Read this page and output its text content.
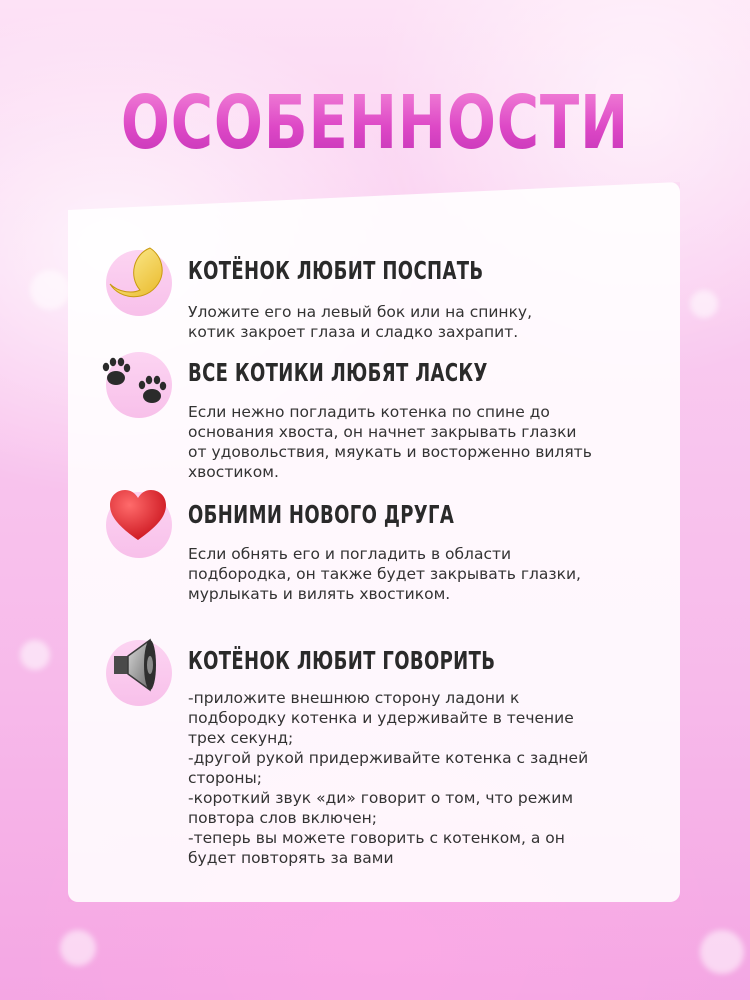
ОСОБЕННОСТИ
КОТЁНОК ЛЮБИТ ПОСПАТЬ
Уложите его на левый бок или на спинку,
котик закроет глаза и сладко захрапит.
ВСЕ КОТИКИ ЛЮБЯТ ЛАСКУ
Если нежно погладить котенка по спине до
основания хвоста, он начнет закрывать глазки
от удовольствия, мяукать и восторженно вилять
хвостиком.
ОБНИМИ НОВОГО ДРУГА
Если обнять его и погладить в области
подбородка, он также будет закрывать глазки,
мурлыкать и вилять хвостиком.
КОТЁНОК ЛЮБИТ ГОВОРИТЬ
-приложите внешнюю сторону ладони к
подбородку котенка и удерживайте в течение
трех секунд;
-другой рукой придерживайте котенка с задней
стороны;
-короткий звук «ди» говорит о том, что режим
повтора слов включен;
-теперь вы можете говорить с котенком, а он
будет повторять за вами
